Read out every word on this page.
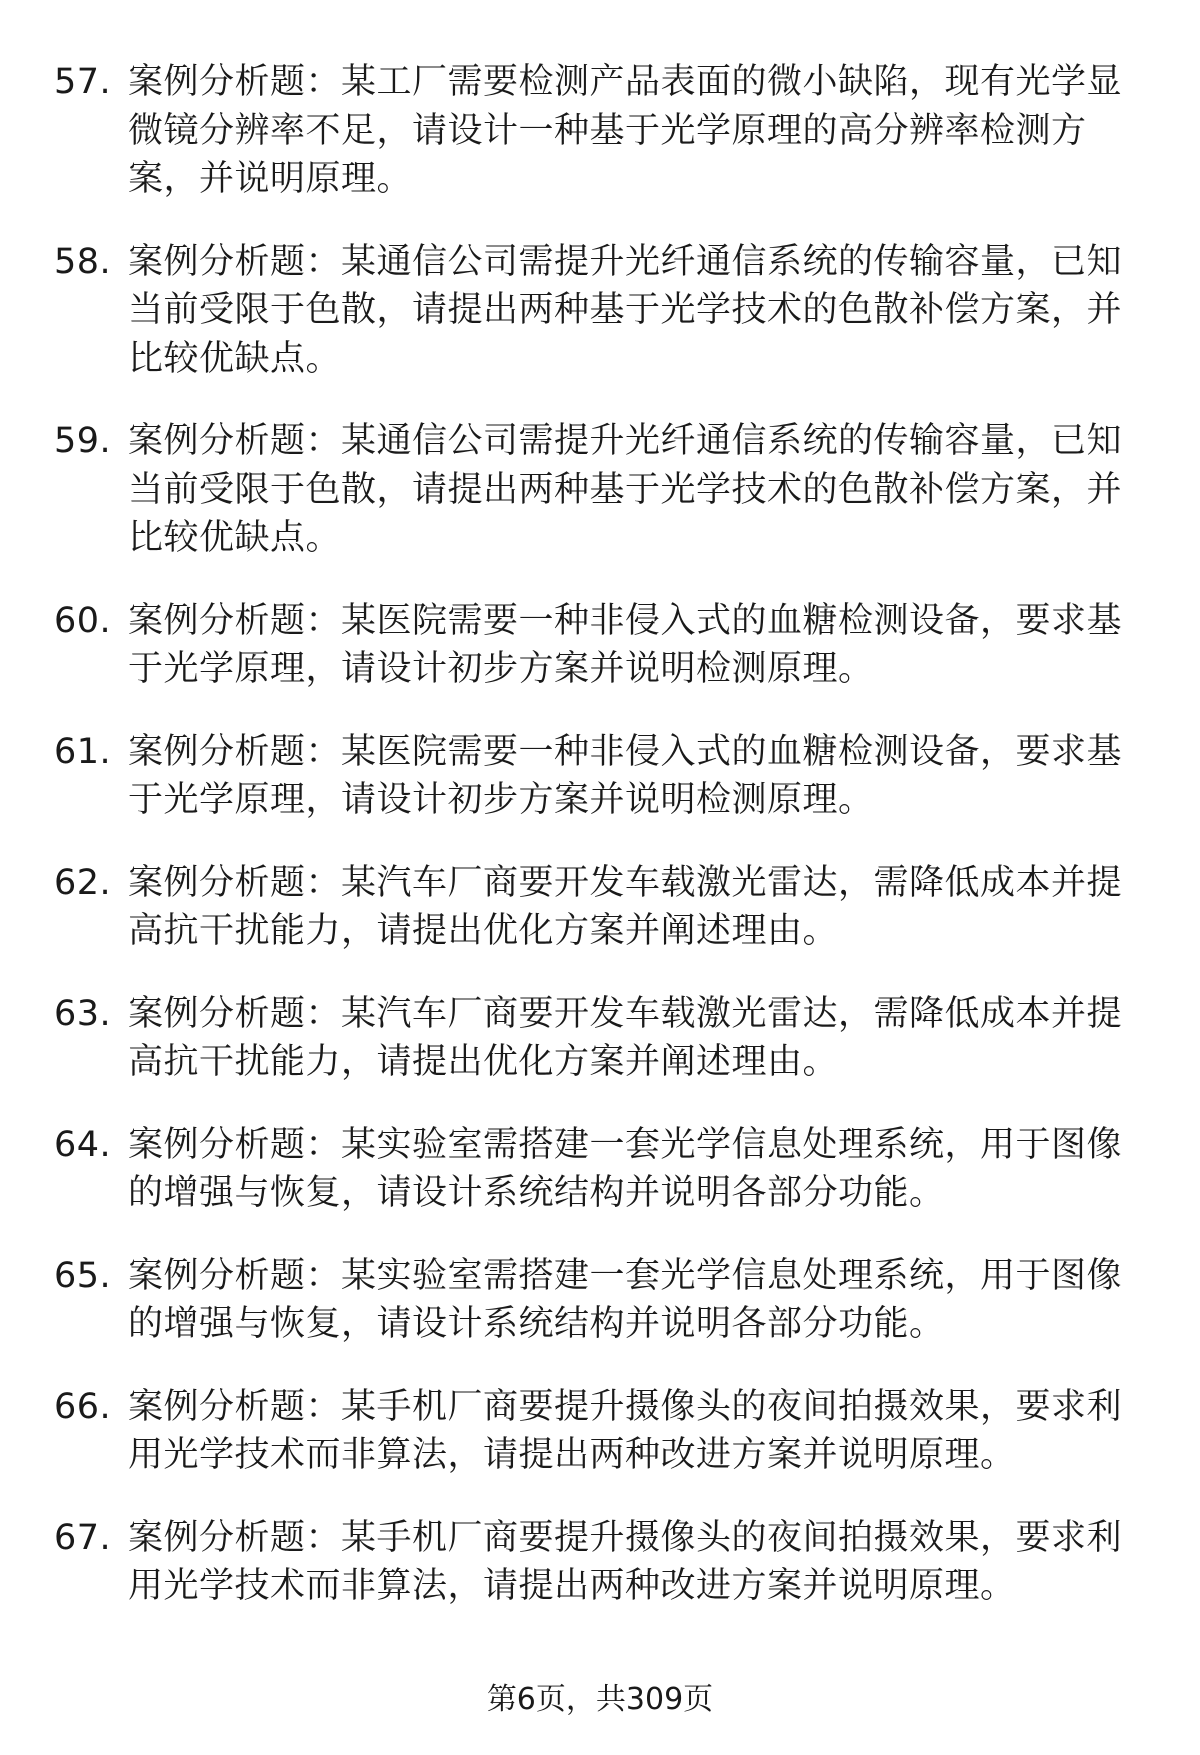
57. 案例分析题：某工厂需要检测产品表面的微小缺陷，现有光学显微镜分辨率不足，请设计一种基于光学原理的高分辨率检测方案，并说明原理。
58. 案例分析题：某通信公司需提升光纤通信系统的传输容量，已知当前受限于色散，请提出两种基于光学技术的色散补偿方案，并比较优缺点。
59. 案例分析题：某通信公司需提升光纤通信系统的传输容量，已知当前受限于色散，请提出两种基于光学技术的色散补偿方案，并比较优缺点。
60. 案例分析题：某医院需要一种非侵入式的血糖检测设备，要求基于光学原理，请设计初步方案并说明检测原理。
61. 案例分析题：某医院需要一种非侵入式的血糖检测设备，要求基于光学原理，请设计初步方案并说明检测原理。
62. 案例分析题：某汽车厂商要开发车载激光雷达，需降低成本并提高抗干扰能力，请提出优化方案并阐述理由。
63. 案例分析题：某汽车厂商要开发车载激光雷达，需降低成本并提高抗干扰能力，请提出优化方案并阐述理由。
64. 案例分析题：某实验室需搭建一套光学信息处理系统，用于图像的增强与恢复，请设计系统结构并说明各部分功能。
65. 案例分析题：某实验室需搭建一套光学信息处理系统，用于图像的增强与恢复，请设计系统结构并说明各部分功能。
66. 案例分析题：某手机厂商要提升摄像头的夜间拍摄效果，要求利用光学技术而非算法，请提出两种改进方案并说明原理。
67. 案例分析题：某手机厂商要提升摄像头的夜间拍摄效果，要求利用光学技术而非算法，请提出两种改进方案并说明原理。
第6页，共309页
